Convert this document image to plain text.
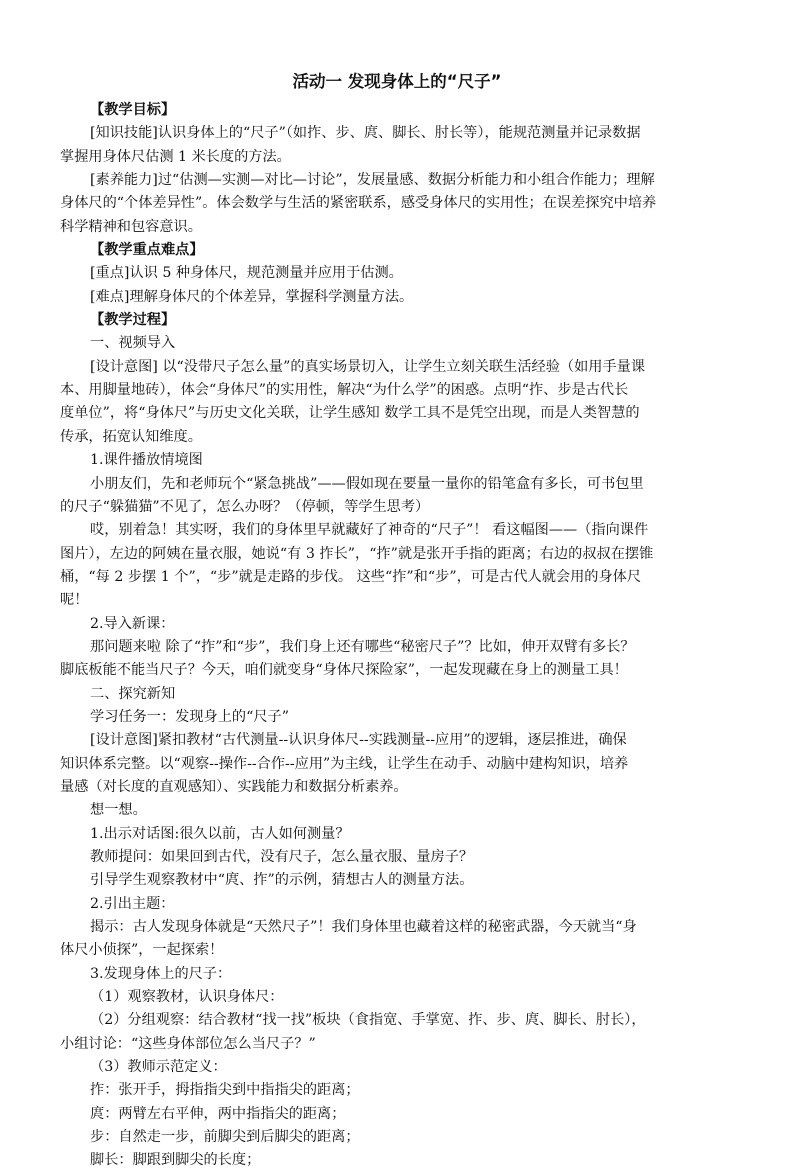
活动一 发现身体上的“尺子”
【教学目标】
[知识技能]认识身体上的“尺子”（如拃、步、庹、脚长、肘长等），能规范测量并记录数据
掌握用身体尺估测 1 米长度的方法。
[素养能力]过“估测—实测—对比—讨论”，发展量感、数据分析能力和小组合作能力；理解
身体尺的“个体差异性”。体会数学与生活的紧密联系，感受身体尺的实用性；在误差探究中培养
科学精神和包容意识。
【教学重点难点】
[重点]认识 5 种身体尺，规范测量并应用于估测。
[难点]理解身体尺的个体差异，掌握科学测量方法。
【教学过程】
一、视频导入
[设计意图] 以“没带尺子怎么量”的真实场景切入，让学生立刻关联生活经验（如用手量课
本、用脚量地砖），体会“身体尺”的实用性，解决“为什么学”的困惑。点明“拃、步是古代长
度单位”，将“身体尺”与历史文化关联，让学生感知 数学工具不是凭空出现，而是人类智慧的
传承，拓宽认知维度。
1.课件播放情境图
小朋友们，先和老师玩个“紧急挑战”——假如现在要量一量你的铅笔盒有多长，可书包里
的尺子“躲猫猫”不见了，怎么办呀？（停顿，等学生思考）
哎，别着急！其实呀，我们的身体里早就藏好了神奇的“尺子”！ 看这幅图——（指向课件
图片），左边的阿姨在量衣服，她说“有 3 拃长”，“拃”就是张开手指的距离；右边的叔叔在摆锥
桶，“每 2 步摆 1 个”，“步”就是走路的步伐。 这些“拃”和“步”，可是古代人就会用的身体尺
呢！
2.导入新课：
那问题来啦 除了“拃”和“步”，我们身上还有哪些“秘密尺子”？比如，伸开双臂有多长？
脚底板能不能当尺子？今天，咱们就变身“身体尺探险家”，一起发现藏在身上的测量工具！
二、探究新知
学习任务一：发现身上的“尺子”
[设计意图]紧扣教材“古代测量--认识身体尺--实践测量--应用”的逻辑，逐层推进，确保
知识体系完整。以“观察--操作--合作--应用”为主线，让学生在动手、动脑中建构知识，培养
量感（对长度的直观感知）、实践能力和数据分析素养。
想一想。
1.出示对话图:很久以前，古人如何测量？
教师提问：如果回到古代，没有尺子，怎么量衣服、量房子？
引导学生观察教材中“庹、拃”的示例，猜想古人的测量方法。
2.引出主题：
揭示：古人发现身体就是“天然尺子”！我们身体里也藏着这样的秘密武器，今天就当“身
体尺小侦探”，一起探索！
3.发现身体上的尺子：
（1）观察教材，认识身体尺：
（2）分组观察：结合教材“找一找”板块（食指宽、手掌宽、拃、步、庹、脚长、肘长），
小组讨论：“这些身体部位怎么当尺子？”
（3）教师示范定义：
拃：张开手，拇指指尖到中指指尖的距离；
庹：两臂左右平伸，两中指指尖的距离；
步：自然走一步，前脚尖到后脚尖的距离；
脚长：脚跟到脚尖的长度；
